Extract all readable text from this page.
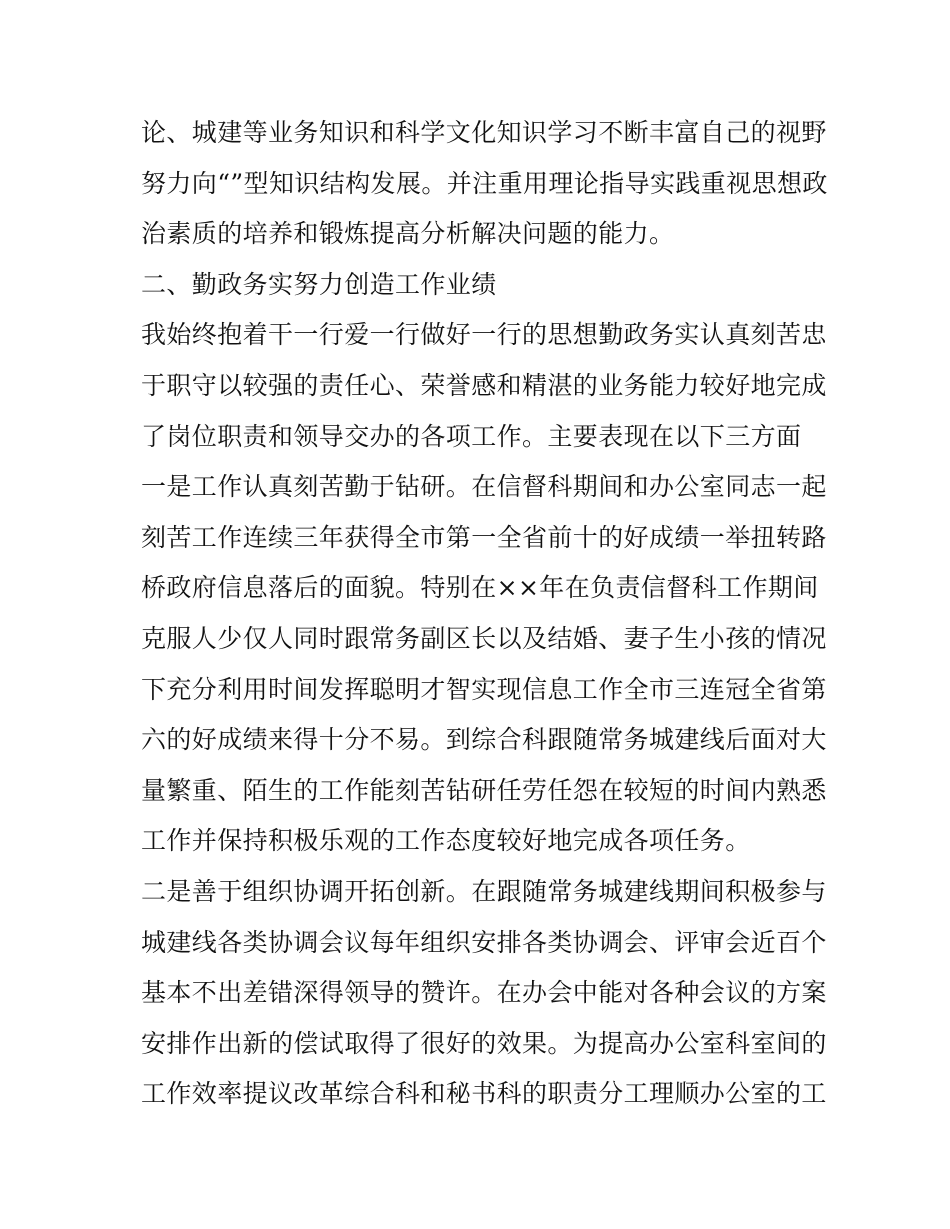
论、城建等业务知识和科学文化知识学习不断丰富自己的视野
努力向“”型知识结构发展。并注重用理论指导实践重视思想政
治素质的培养和锻炼提高分析解决问题的能力。
二、勤政务实努力创造工作业绩
我始终抱着干一行爱一行做好一行的思想勤政务实认真刻苦忠
于职守以较强的责任心、荣誉感和精湛的业务能力较好地完成
了岗位职责和领导交办的各项工作。主要表现在以下三方面
一是工作认真刻苦勤于钻研。在信督科期间和办公室同志一起
刻苦工作连续三年获得全市第一全省前十的好成绩一举扭转路
桥政府信息落后的面貌。特别在××年在负责信督科工作期间
克服人少仅人同时跟常务副区长以及结婚、妻子生小孩的情况
下充分利用时间发挥聪明才智实现信息工作全市三连冠全省第
六的好成绩来得十分不易。到综合科跟随常务城建线后面对大
量繁重、陌生的工作能刻苦钻研任劳任怨在较短的时间内熟悉
工作并保持积极乐观的工作态度较好地完成各项任务。
二是善于组织协调开拓创新。在跟随常务城建线期间积极参与
城建线各类协调会议每年组织安排各类协调会、评审会近百个
基本不出差错深得领导的赞许。在办会中能对各种会议的方案
安排作出新的偿试取得了很好的效果。为提高办公室科室间的
工作效率提议改革综合科和秘书科的职责分工理顺办公室的工
